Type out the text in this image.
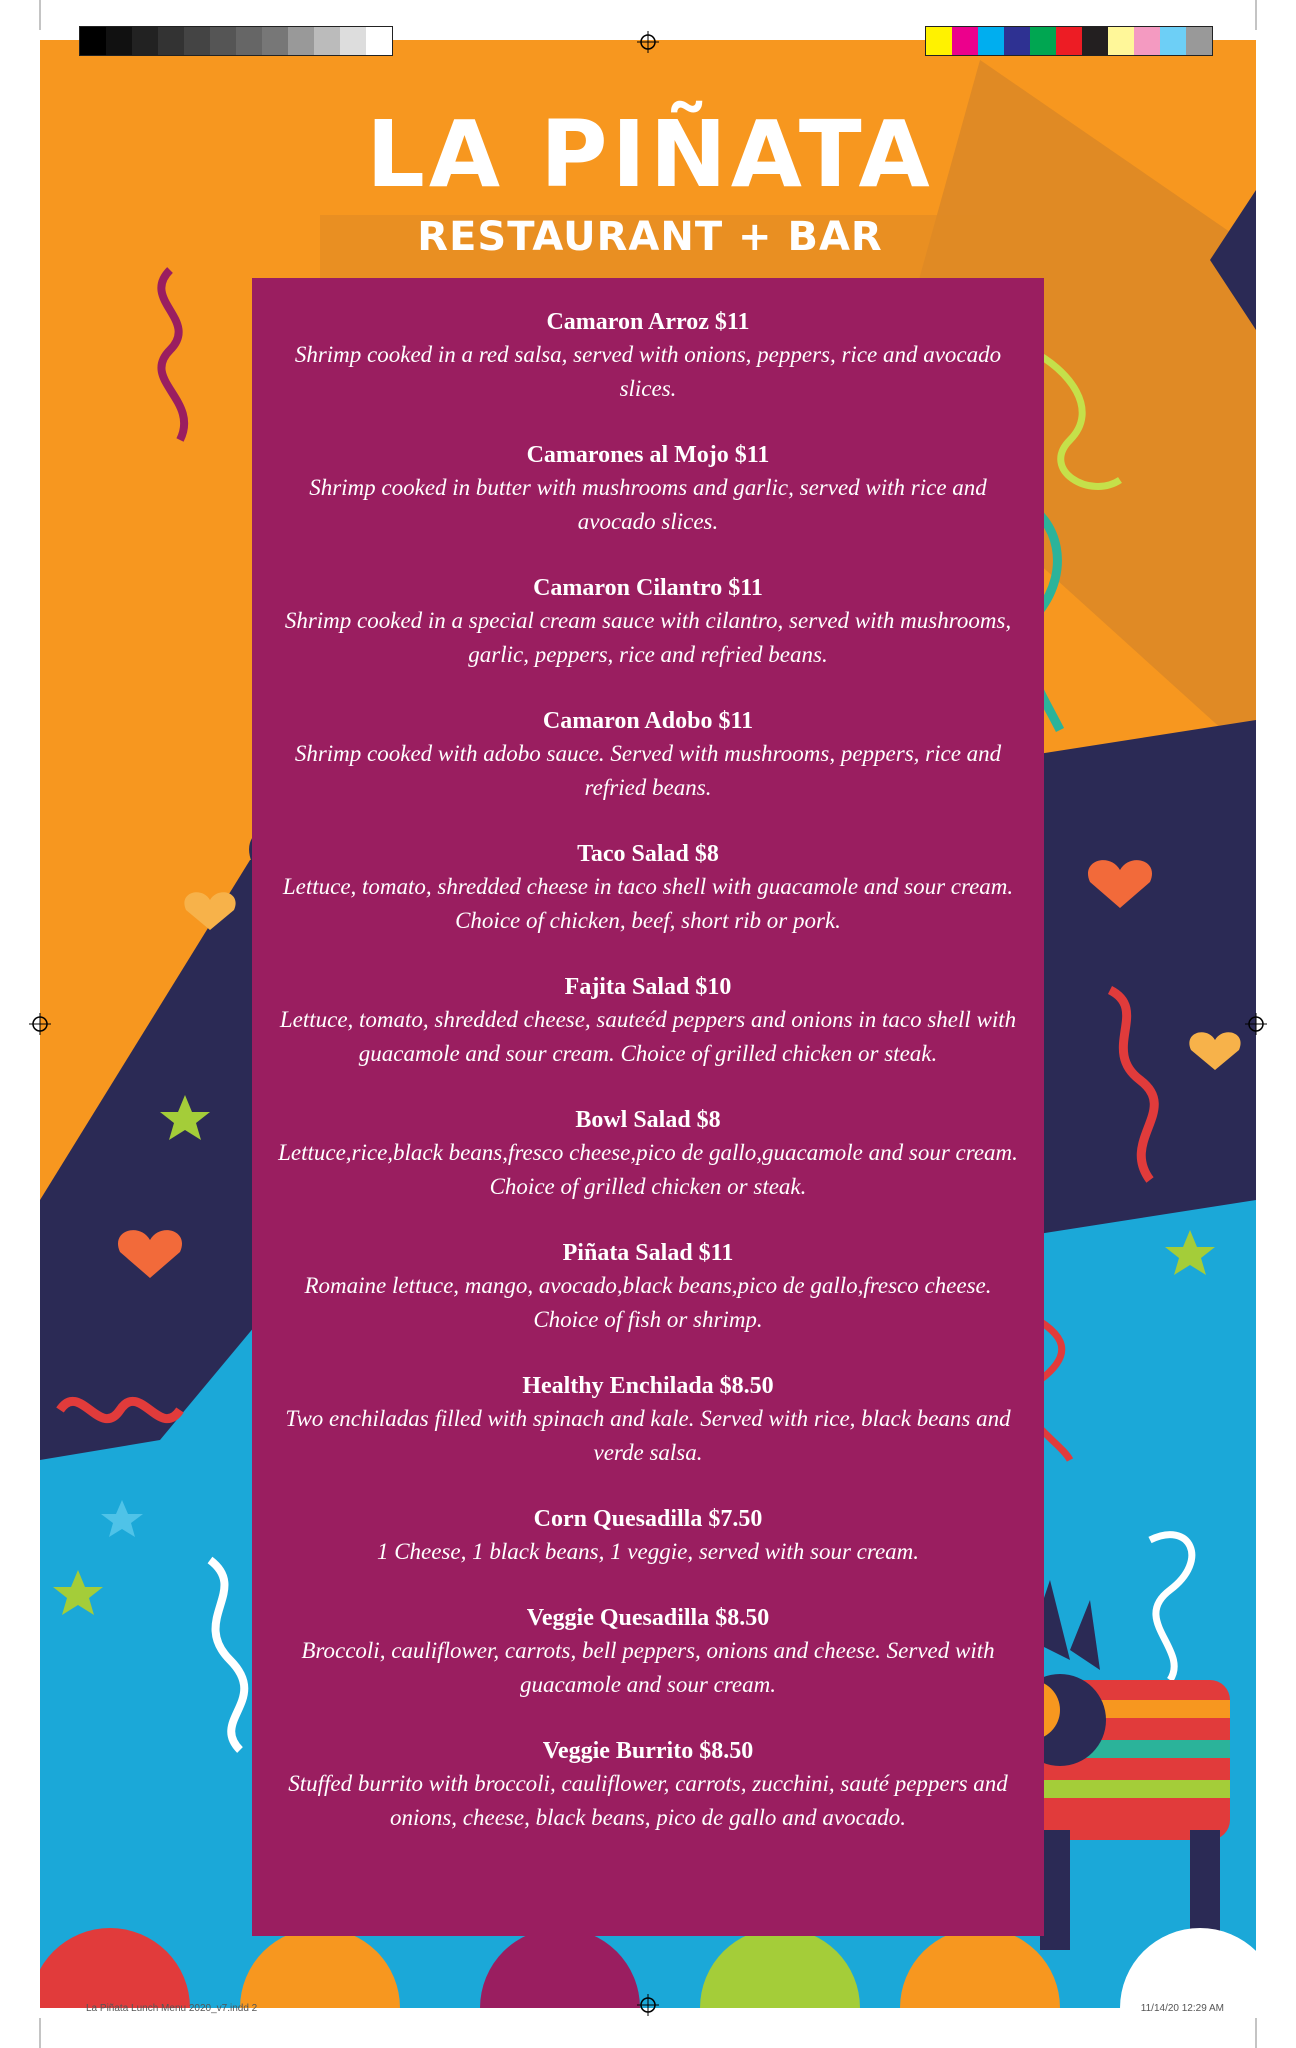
LA PIÑATA
RESTAURANT + BAR
Camaron Arroz $11
Shrimp cooked in a red salsa, served with onions, peppers, rice and avocado slices.
Camarones al Mojo $11
Shrimp cooked in butter with mushrooms and garlic, served with rice and avocado slices.
Camaron Cilantro $11
Shrimp cooked in a special cream sauce with cilantro, served with mushrooms, garlic, peppers, rice and refried beans.
Camaron Adobo $11
Shrimp cooked with adobo sauce. Served with mushrooms, peppers, rice and refried beans.
Taco Salad $8
Lettuce, tomato, shredded cheese in taco shell with guacamole and sour cream. Choice of chicken, beef, short rib or pork.
Fajita Salad $10
Lettuce, tomato, shredded cheese, sauteéd peppers and onions in taco shell with guacamole and sour cream. Choice of grilled chicken or steak.
Bowl Salad $8
Lettuce,rice,black beans,fresco cheese,pico de gallo,guacamole and sour cream. Choice of grilled chicken or steak.
Piñata Salad $11
Romaine lettuce, mango, avocado,black beans,pico de gallo,fresco cheese. Choice of fish or shrimp.
Healthy Enchilada $8.50
Two enchiladas filled with spinach and kale. Served with rice, black beans and verde salsa.
Corn Quesadilla $7.50
1 Cheese, 1 black beans, 1 veggie, served with sour cream.
Veggie Quesadilla $8.50
Broccoli, cauliflower, carrots, bell peppers, onions and cheese. Served with guacamole and sour cream.
Veggie Burrito $8.50
Stuffed burrito with broccoli, cauliflower, carrots, zucchini, sauté peppers and onions, cheese, black beans, pico de gallo and avocado.
La Piñata Lunch Menu 2020_v7.indd 2	11/14/20 12:29 AM
